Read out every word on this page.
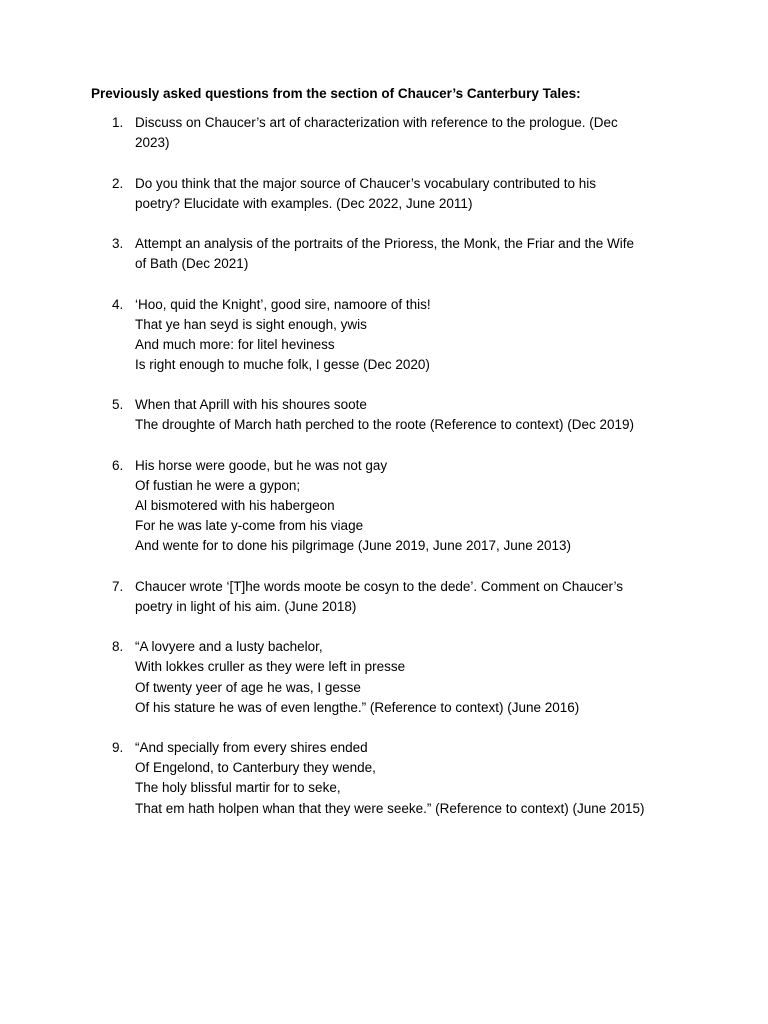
Previously asked questions from the section of Chaucer’s Canterbury Tales:
1. Discuss on Chaucer’s art of characterization with reference to the prologue. (Dec
2023)
2. Do you think that the major source of Chaucer’s vocabulary contributed to his
poetry? Elucidate with examples. (Dec 2022, June 2011)
3. Attempt an analysis of the portraits of the Prioress, the Monk, the Friar and the Wife
of Bath (Dec 2021)
4. ‘Hoo, quid the Knight’, good sire, namoore of this!
That ye han seyd is sight enough, ywis
And much more: for litel heviness
Is right enough to muche folk, I gesse (Dec 2020)
5. When that Aprill with his shoures soote
The droughte of March hath perched to the roote (Reference to context) (Dec 2019)
6. His horse were goode, but he was not gay
Of fustian he were a gypon;
Al bismotered with his habergeon
For he was late y-come from his viage
And wente for to done his pilgrimage (June 2019, June 2017, June 2013)
7. Chaucer wrote ‘[T]he words moote be cosyn to the dede’. Comment on Chaucer’s
poetry in light of his aim. (June 2018)
8. “A lovyere and a lusty bachelor,
With lokkes cruller as they were left in presse
Of twenty yeer of age he was, I gesse
Of his stature he was of even lengthe.” (Reference to context) (June 2016)
9. “And specially from every shires ended
Of Engelond, to Canterbury they wende,
The holy blissful martir for to seke,
That em hath holpen whan that they were seeke.” (Reference to context) (June 2015)
